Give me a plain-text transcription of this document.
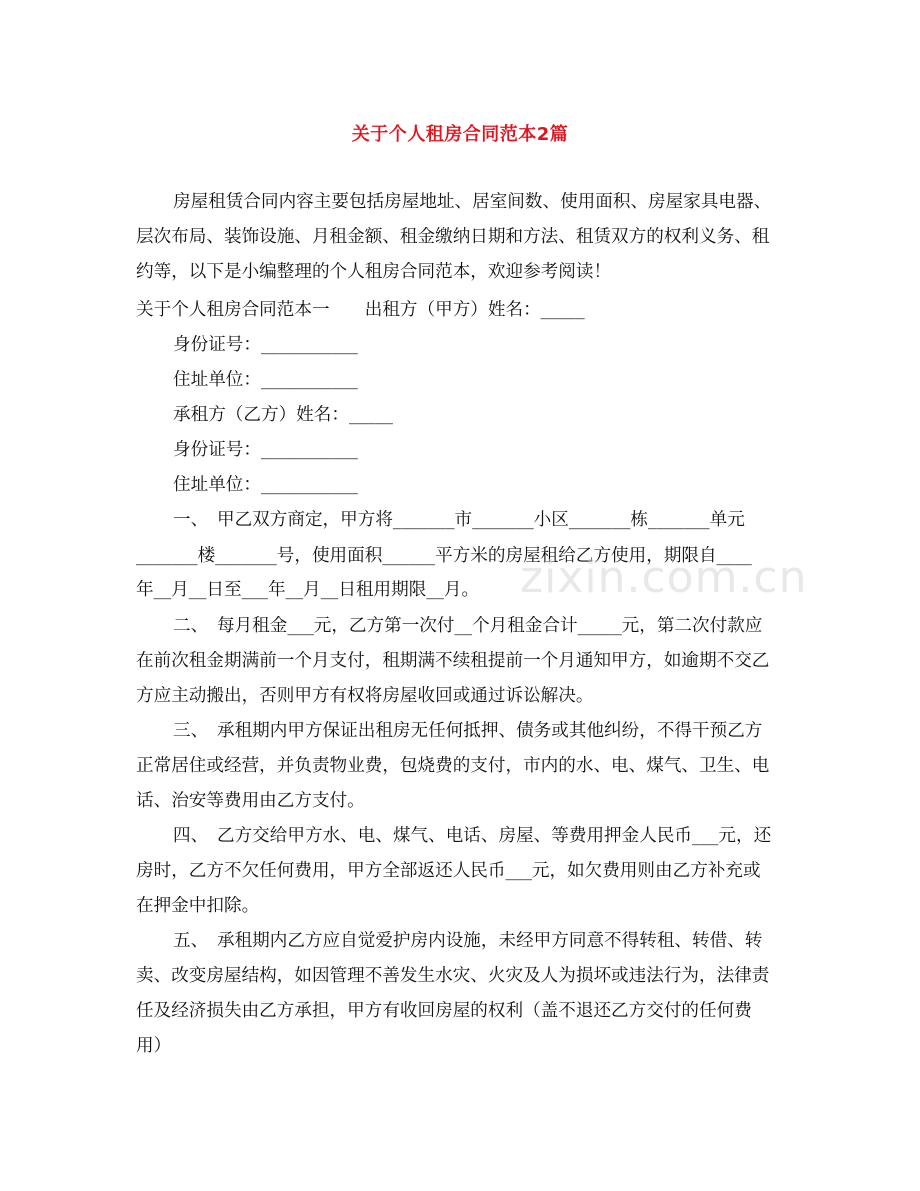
关于个人租房合同范本2篇
房屋租赁合同内容主要包括房屋地址、居室间数、使用面积、房屋家具电器、
层次布局、装饰设施、月租金额、租金缴纳日期和方法、租赁双方的权利义务、租
约等，以下是小编整理的个人租房合同范本，欢迎参考阅读！
关于个人租房合同范本一　　出租方（甲方）姓名：_____
身份证号：___________
住址单位：___________
承租方（乙方）姓名：_____
身份证号：___________
住址单位：___________
一、　甲乙双方商定，甲方将_______市_______小区_______栋_______单元
_______楼_______号，使用面积______平方米的房屋租给乙方使用，期限自____
年__月__日至___年__月__日租用期限__月。
二、　每月租金___元，乙方第一次付__个月租金合计_____元，第二次付款应
在前次租金期满前一个月支付，租期满不续租提前一个月通知甲方，如逾期不交乙
方应主动搬出，否则甲方有权将房屋收回或通过诉讼解决。
三、　承租期内甲方保证出租房无任何抵押、债务或其他纠纷，不得干预乙方
正常居住或经营，并负责物业费，包烧费的支付，市内的水、电、煤气、卫生、电
话、治安等费用由乙方支付。
四、　乙方交给甲方水、电、煤气、电话、房屋、等费用押金人民币___元，还
房时，乙方不欠任何费用，甲方全部返还人民币___元，如欠费用则由乙方补充或
在押金中扣除。
五、　承租期内乙方应自觉爱护房内设施，未经甲方同意不得转租、转借、转
卖、改变房屋结构，如因管理不善发生水灾、火灾及人为损坏或违法行为，法律责
任及经济损失由乙方承担，甲方有收回房屋的权利（盖不退还乙方交付的任何费
用）
zixin.com.cn
